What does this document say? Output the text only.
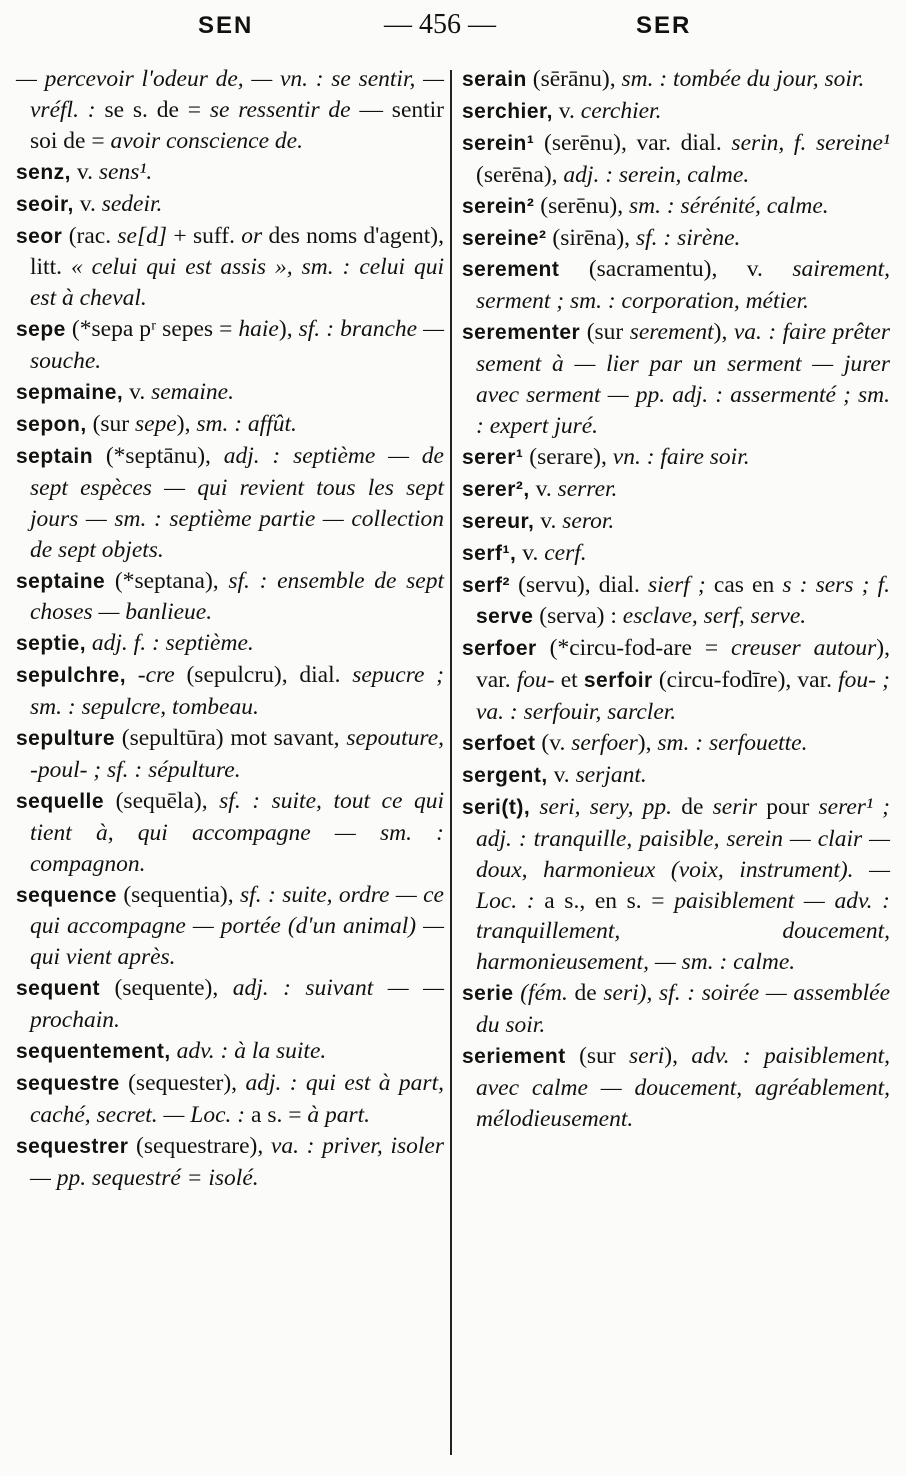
SEN	— 456 —	SER
— percevoir l'odeur de, — vn. : se sentir, — vréfl. : se s. de = se ressentir de — sentir soi de = avoir conscience de.
senz, v. sens¹.
seoir, v. sedeir.
seor (rac. se[d] + suff. or des noms d'agent), litt. « celui qui est assis », sm. : celui qui est à cheval.
sepe (*sepa pʳ sepes = haie), sf. : branche — souche.
sepmaine, v. semaine.
sepon, (sur sepe), sm. : affût.
septain (*septānu), adj. : septième — de sept espèces — qui revient tous les sept jours — sm. : septième partie — collection de sept objets.
septaine (*septana), sf. : ensemble de sept choses — banlieue.
septie, adj. f. : septième.
sepulchre, -cre (sepulcru), dial. sepucre ; sm. : sepulcre, tombeau.
sepulture (sepultūra) mot savant, sepouture, -poul- ; sf. : sépulture.
sequelle (sequēla), sf. : suite, tout ce qui tient à, qui accompagne — sm. : compagnon.
sequence (sequentia), sf. : suite, ordre — ce qui accompagne — portée (d'un animal) — qui vient après.
sequent (sequente), adj. : suivant — — prochain.
sequentement, adv. : à la suite.
sequestre (sequester), adj. : qui est à part, caché, secret. — Loc. : a s. = à part.
sequestrer (sequestrare), va. : priver, isoler — pp. sequestré = isolé.
serain (sērānu), sm. : tombée du jour, soir.
serchier, v. cerchier.
serein¹ (serēnu), var. dial. serin, f. sereine¹ (serēna), adj. : serein, calme.
serein² (serēnu), sm. : sérénité, calme.
sereine² (sirēna), sf. : sirène.
serement (sacramentu), v. sairement, serment ; sm. : corporation, métier.
serementer (sur serement), va. : faire prêter sement à — lier par un serment — jurer avec serment — pp. adj. : assermenté ; sm. : expert juré.
serer¹ (serare), vn. : faire soir.
serer², v. serrer.
sereur, v. seror.
serf¹, v. cerf.
serf² (servu), dial. sierf ; cas en s : sers ; f. serve (serva) : esclave, serf, serve.
serfoer (*circu-fod-are = creuser autour), var. fou- et serfoir (circu-fodīre), var. fou- ; va. : serfouir, sarcler.
serfoet (v. serfoer), sm. : serfouette.
sergent, v. serjant.
seri(t), seri, sery, pp. de serir pour serer¹ ; adj. : tranquille, paisible, serein — clair — doux, harmonieux (voix, instrument). — Loc. : a s., en s. = paisiblement — adv. : tranquillement, doucement, harmonieusement, — sm. : calme.
serie (fém. de seri), sf. : soirée — assemblée du soir.
seriement (sur seri), adv. : paisiblement, avec calme — doucement, agréablement, mélodieusement.
